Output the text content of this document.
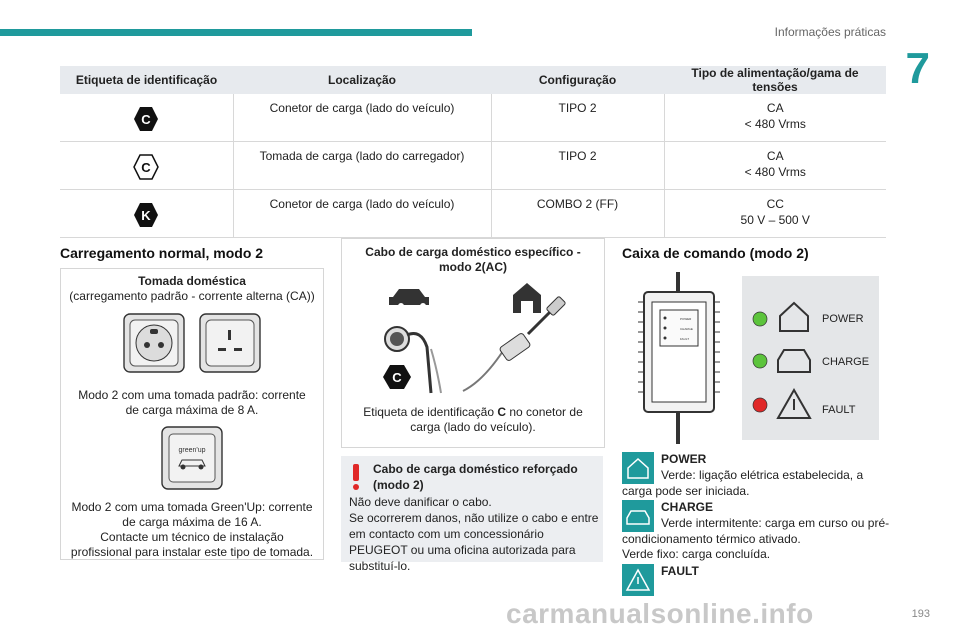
Informações práticas
7
Etiqueta de identificação	Localização	Configuração	Tipo de alimentação/gama de tensões

C	Conetor de carga (lado do veículo)	TIPO 2	CA
< 480 Vrms

C	Tomada de carga (lado do carregador)	TIPO 2	CA
< 480 Vrms

K	Conetor de carga (lado do veículo)	COMBO 2 (FF)	CC
50 V – 500 V
Carregamento normal, modo 2
Tomada doméstica
(carregamento padrão - corrente alterna (CA))
Modo 2 com uma tomada padrão: corrente de carga máxima de 8 A.
green'up
Modo 2 com uma tomada Green'Up: corrente de carga máxima de 16 A.
Contacte um técnico de instalação profissional para instalar este tipo de tomada.
Cabo de carga doméstico específico - modo 2(AC)
C
Etiqueta de identificação C no conetor de carga (lado do veículo).
Cabo de carga doméstico reforçado (modo 2)
Não deve danificar o cabo.
Se ocorrerem danos, não utilize o cabo e entre em contacto com um concessionário PEUGEOT ou uma oficina autorizada para substituí-lo.
Caixa de comando (modo 2)
POWER
CHARGE
FAULT
POWER
CHARGE
FAULT
POWER
Verde: ligação elétrica estabelecida, a carga pode ser iniciada.
CHARGE
Verde intermitente: carga em curso ou pré-condicionamento térmico ativado.
Verde fixo: carga concluída.
FAULT
carmanualsonline.info	193
